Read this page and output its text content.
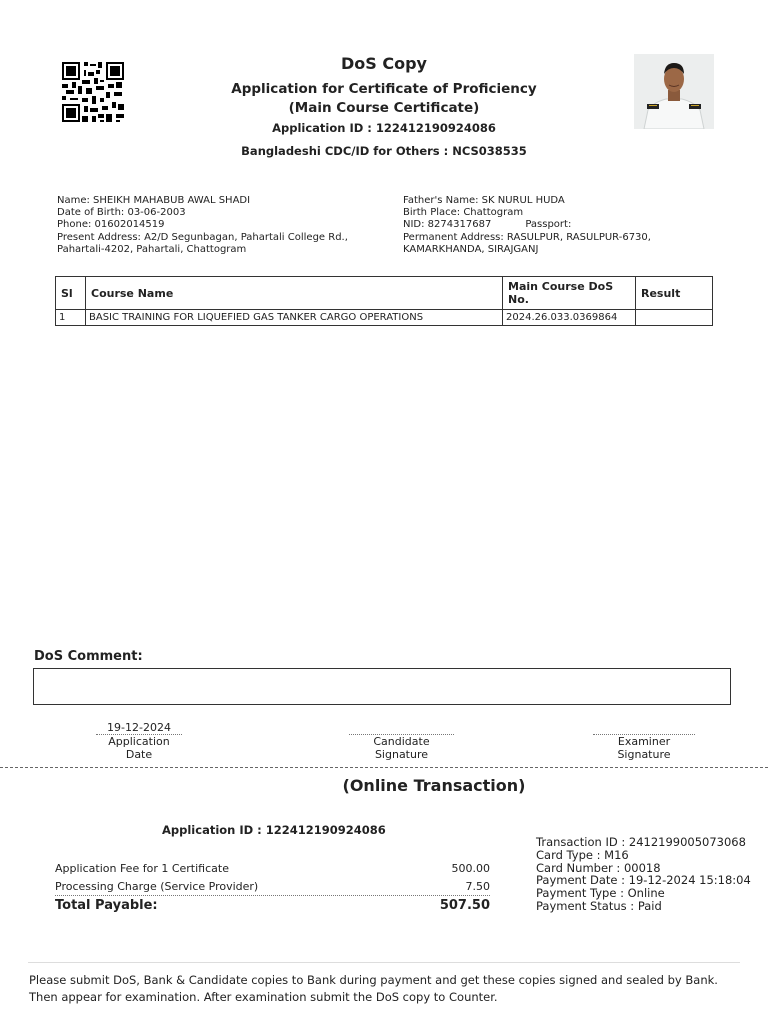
DoS Copy
Application for Certificate of Proficiency
(Main Course Certificate)
Application ID : 122412190924086
Bangladeshi CDC/ID for Others : NCS038535
Name: SHEIKH MAHABUB AWAL SHADI
Date of Birth: 03-06-2003
Phone: 01602014519
Present Address: A2/D Segunbagan, Pahartali College Rd.,
Pahartali-4202, Pahartali, Chattogram
Father's Name: SK NURUL HUDA
Birth Place: Chattogram
NID: 8274317687	Passport:
Permanent Address: RASULPUR, RASULPUR-6730,
KAMARKHANDA, SIRAJGANJ
Sl	Course Name	Main Course DoS No.	Result
1	BASIC TRAINING FOR LIQUEFIED GAS TANKER CARGO OPERATIONS	2024.26.033.0369864	
DoS Comment:
19-12-2024
Application Date
Candidate Signature
Examiner Signature
(Online Transaction)
Application ID : 122412190924086
Application Fee for 1 Certificate	500.00
Processing Charge (Service Provider)	7.50
Total Payable:	507.50
Transaction ID : 2412199005073068
Card Type : M16
Card Number : 00018
Payment Date : 19-12-2024 15:18:04
Payment Type : Online
Payment Status : Paid
Please submit DoS, Bank & Candidate copies to Bank during payment and get these copies signed and sealed by Bank. Then appear for examination. After examination submit the DoS copy to Counter.
